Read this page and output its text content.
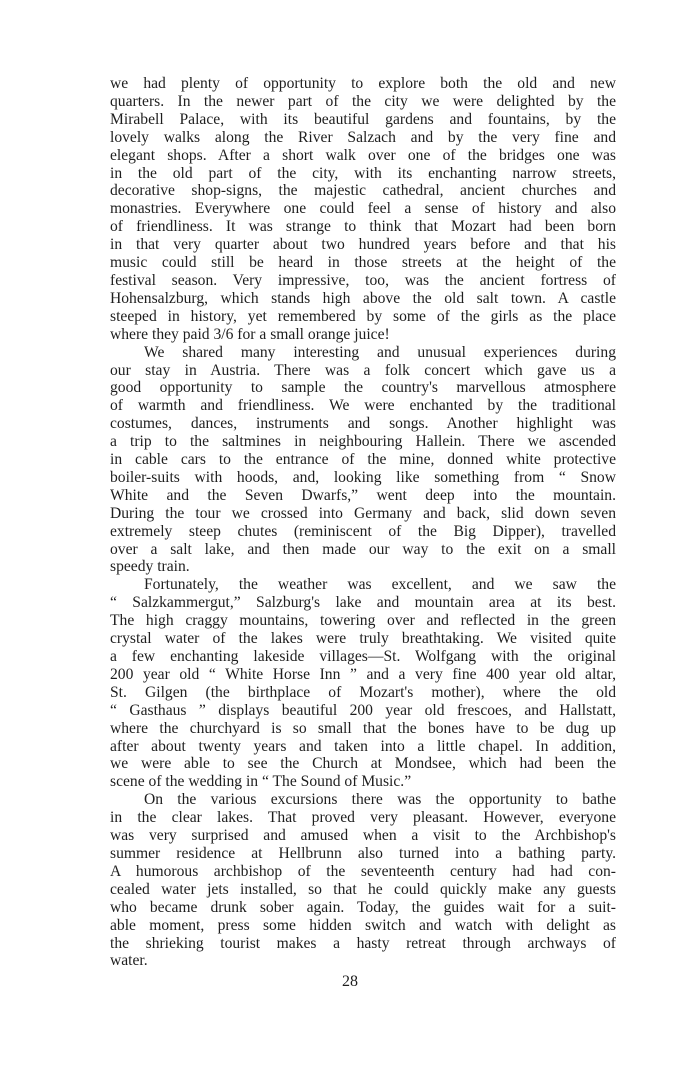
we had plenty of opportunity to explore both the old and new
quarters. In the newer part of the city we were delighted by the
Mirabell Palace, with its beautiful gardens and fountains, by the
lovely walks along the River Salzach and by the very fine and
elegant shops. After a short walk over one of the bridges one was
in the old part of the city, with its enchanting narrow streets,
decorative shop-signs, the majestic cathedral, ancient churches and
monastries. Everywhere one could feel a sense of history and also
of friendliness. It was strange to think that Mozart had been born
in that very quarter about two hundred years before and that his
music could still be heard in those streets at the height of the
festival season. Very impressive, too, was the ancient fortress of
Hohensalzburg, which stands high above the old salt town. A castle
steeped in history, yet remembered by some of the girls as the place
where they paid 3/6 for a small orange juice!
We shared many interesting and unusual experiences during
our stay in Austria. There was a folk concert which gave us a
good opportunity to sample the country's marvellous atmosphere
of warmth and friendliness. We were enchanted by the traditional
costumes, dances, instruments and songs. Another highlight was
a trip to the saltmines in neighbouring Hallein. There we ascended
in cable cars to the entrance of the mine, donned white protective
boiler-suits with hoods, and, looking like something from “ Snow
White and the Seven Dwarfs,” went deep into the mountain.
During the tour we crossed into Germany and back, slid down seven
extremely steep chutes (reminiscent of the Big Dipper), travelled
over a salt lake, and then made our way to the exit on a small
speedy train.
Fortunately, the weather was excellent, and we saw the
“ Salzkammergut,” Salzburg's lake and mountain area at its best.
The high craggy mountains, towering over and reflected in the green
crystal water of the lakes were truly breathtaking. We visited quite
a few enchanting lakeside villages—St. Wolfgang with the original
200 year old “ White Horse Inn ” and a very fine 400 year old altar,
St. Gilgen (the birthplace of Mozart's mother), where the old
“ Gasthaus ” displays beautiful 200 year old frescoes, and Hallstatt,
where the churchyard is so small that the bones have to be dug up
after about twenty years and taken into a little chapel. In addition,
we were able to see the Church at Mondsee, which had been the
scene of the wedding in “ The Sound of Music.”
On the various excursions there was the opportunity to bathe
in the clear lakes. That proved very pleasant. However, everyone
was very surprised and amused when a visit to the Archbishop's
summer residence at Hellbrunn also turned into a bathing party.
A humorous archbishop of the seventeenth century had had con-
cealed water jets installed, so that he could quickly make any guests
who became drunk sober again. Today, the guides wait for a suit-
able moment, press some hidden switch and watch with delight as
the shrieking tourist makes a hasty retreat through archways of
water.
28
